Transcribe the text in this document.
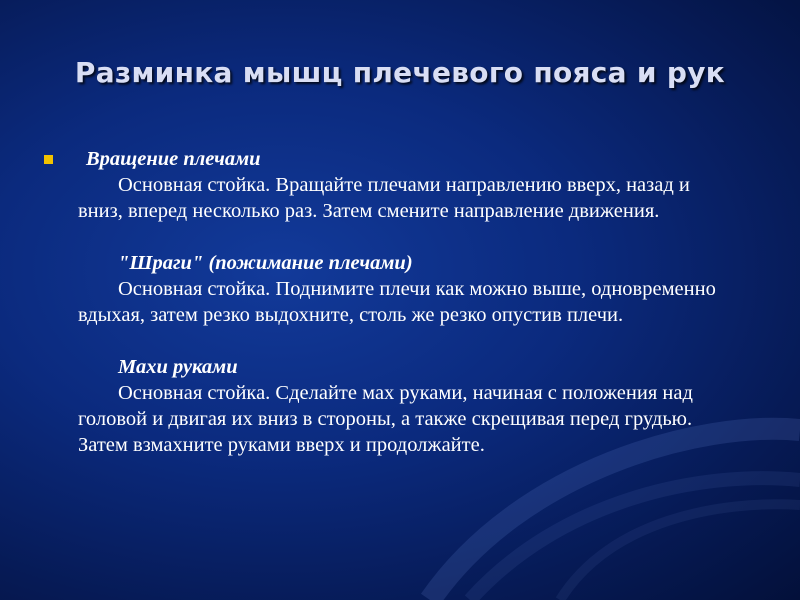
Разминка мышц плечевого пояса и рук
Вращение плечами
Основная стойка. Вращайте плечами направлению вверх, назад и вниз, вперед несколько раз. Затем смените направление движения.
"Шраги" (пожимание плечами)
Основная стойка. Поднимите плечи как можно выше, одновременно вдыхая, затем резко выдохните, столь же резко опустив плечи.
Махи руками
Основная стойка. Сделайте мах руками, начиная с положения над головой и двигая их вниз в стороны, а также скрещивая перед грудью. Затем взмахните руками вверх и продолжайте.
